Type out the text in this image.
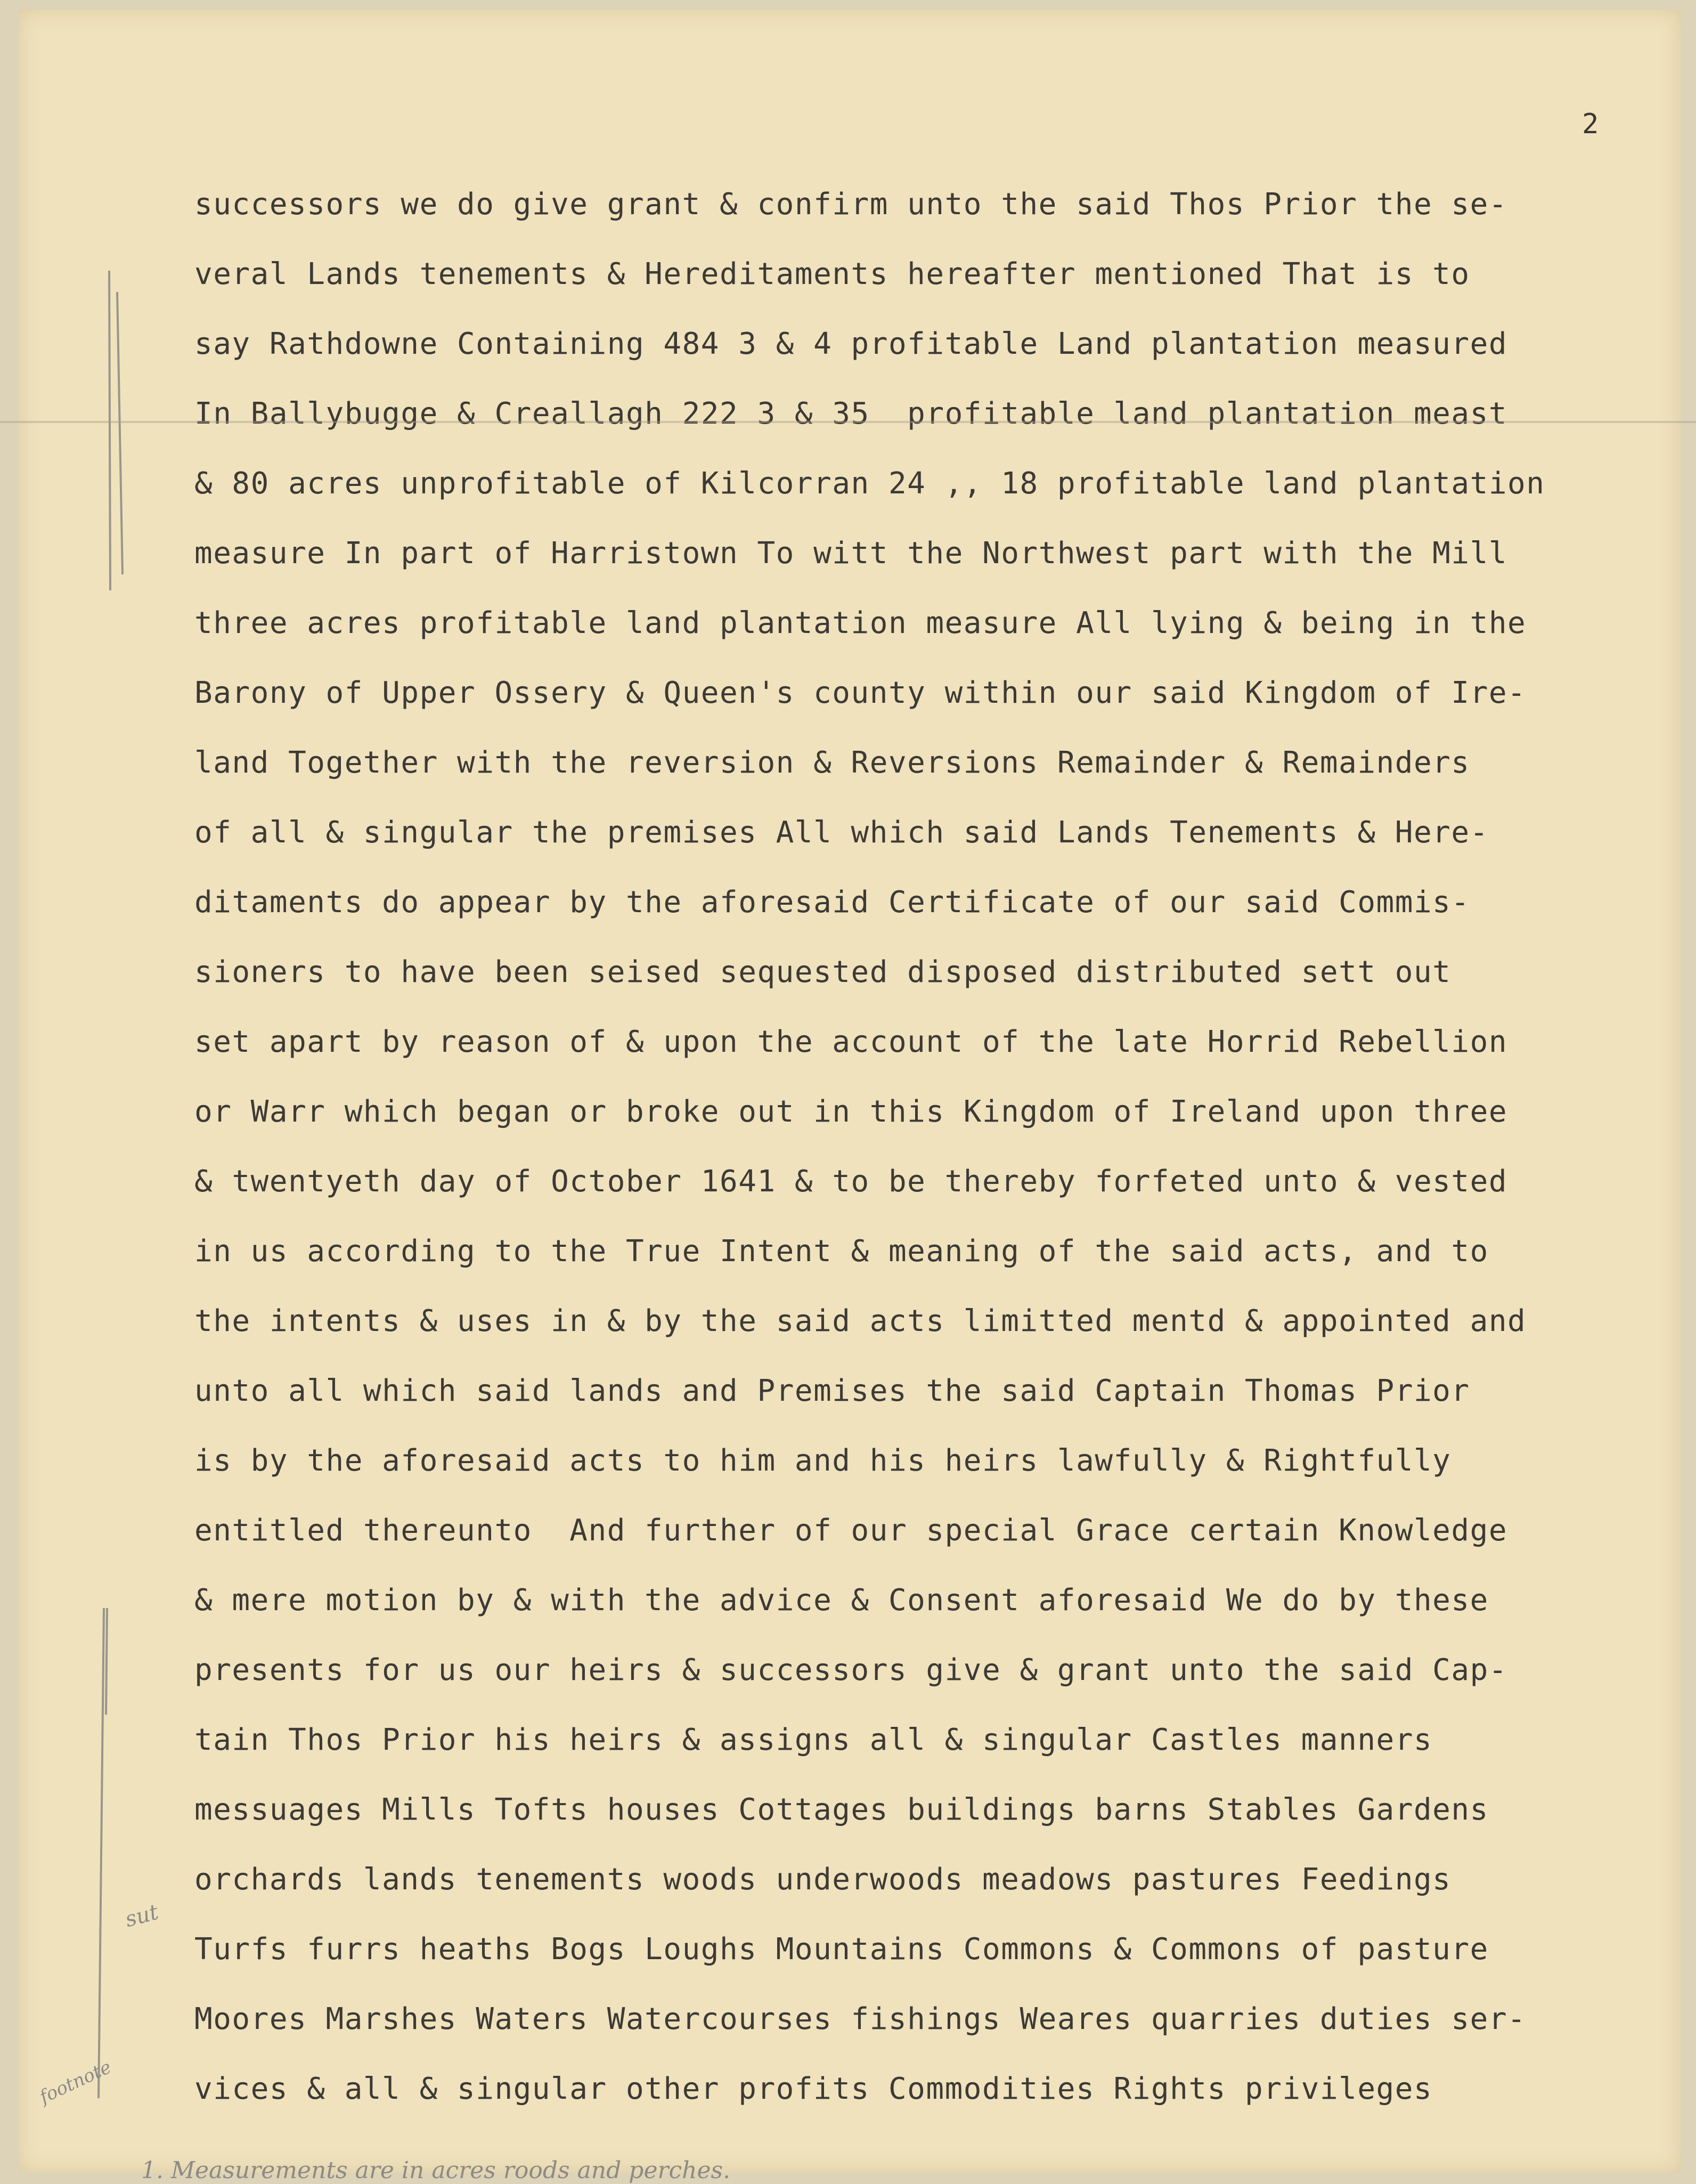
2
successors we do give grant & confirm unto the said Thos Prior the se-
veral Lands tenements & Hereditaments hereafter mentioned That is to
say Rathdowne Containing 484 3 & 4 profitable Land plantation measured
In Ballybugge & Creallagh 222 3 & 35  profitable land plantation meast
& 80 acres unprofitable of Kilcorran 24 ,, 18 profitable land plantation
measure In part of Harristown To witt the Northwest part with the Mill
three acres profitable land plantation measure All lying & being in the
Barony of Upper Ossery & Queen's county within our said Kingdom of Ire-
land Together with the reversion & Reversions Remainder & Remainders
of all & singular the premises All which said Lands Tenements & Here-
ditaments do appear by the aforesaid Certificate of our said Commis-
sioners to have been seised sequested disposed distributed sett out
set apart by reason of & upon the account of the late Horrid Rebellion
or Warr which began or broke out in this Kingdom of Ireland upon three
& twentyeth day of October 1641 & to be thereby forfeted unto & vested
in us according to the True Intent & meaning of the said acts, and to
the intents & uses in & by the said acts limitted mentd & appointed and
unto all which said lands and Premises the said Captain Thomas Prior
is by the aforesaid acts to him and his heirs lawfully & Rightfully
entitled thereunto  And further of our special Grace certain Knowledge
& mere motion by & with the advice & Consent aforesaid We do by these
presents for us our heirs & successors give & grant unto the said Cap-
tain Thos Prior his heirs & assigns all & singular Castles manners
messuages Mills Tofts houses Cottages buildings barns Stables Gardens
orchards lands tenements woods underwoods meadows pastures Feedings
Turfs furrs heaths Bogs Loughs Mountains Commons & Commons of pasture
Moores Marshes Waters Watercourses fishings Weares quarries duties ser-
vices & all & singular other profits Commodities Rights privileges
sut
footnote
1. Measurements are in acres roods and perches.
